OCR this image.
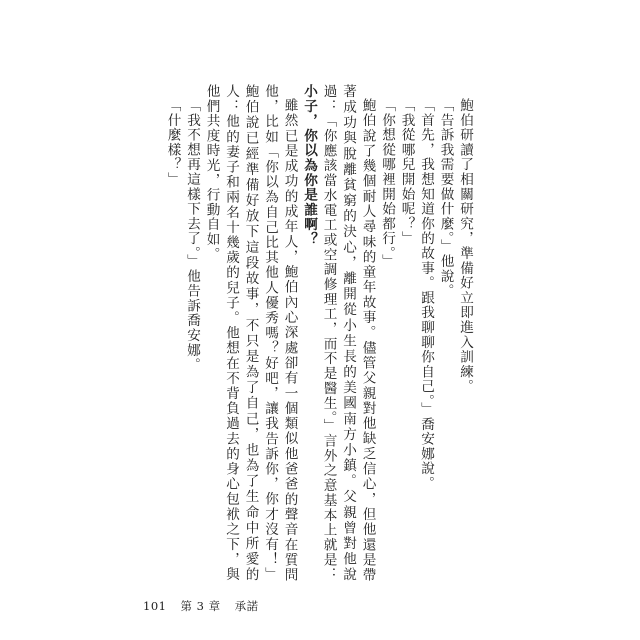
鮑伯研讀了相關研究，準備好立即進入訓練。

「告訴我需要做什麼。」他說。

「首先，我想知道你的故事。跟我聊聊你自己。」喬安娜說。

「我從哪兒開始呢？」

「你想從哪裡開始都行。」

鮑伯說了幾個耐人尋味的童年故事。儘管父親對他缺乏信心，但他還是帶著成功與脫離貧窮的決心，離開從小生長的美國南方小鎮。父親曾對他說過：「你應該當水電工或空調修理工，而不是醫生。」言外之意基本上就是：小子，你以為你是誰啊？

雖然已是成功的成年人，鮑伯內心深處卻有一個類似他爸爸的聲音在質問他，比如「你以為自己比其他人優秀嗎？好吧，讓我告訴你，你才沒有！」鮑伯說已經準備好放下這段故事，不只是為了自己，也為了生命中所愛的人：他的妻子和兩名十幾歲的兒子。他想在不背負過去的身心包袱之下，與他們共度時光，行動自如。

「我不想再這樣下去了。」他告訴喬安娜。

「什麼樣？」

101 第 3 章 承諾
